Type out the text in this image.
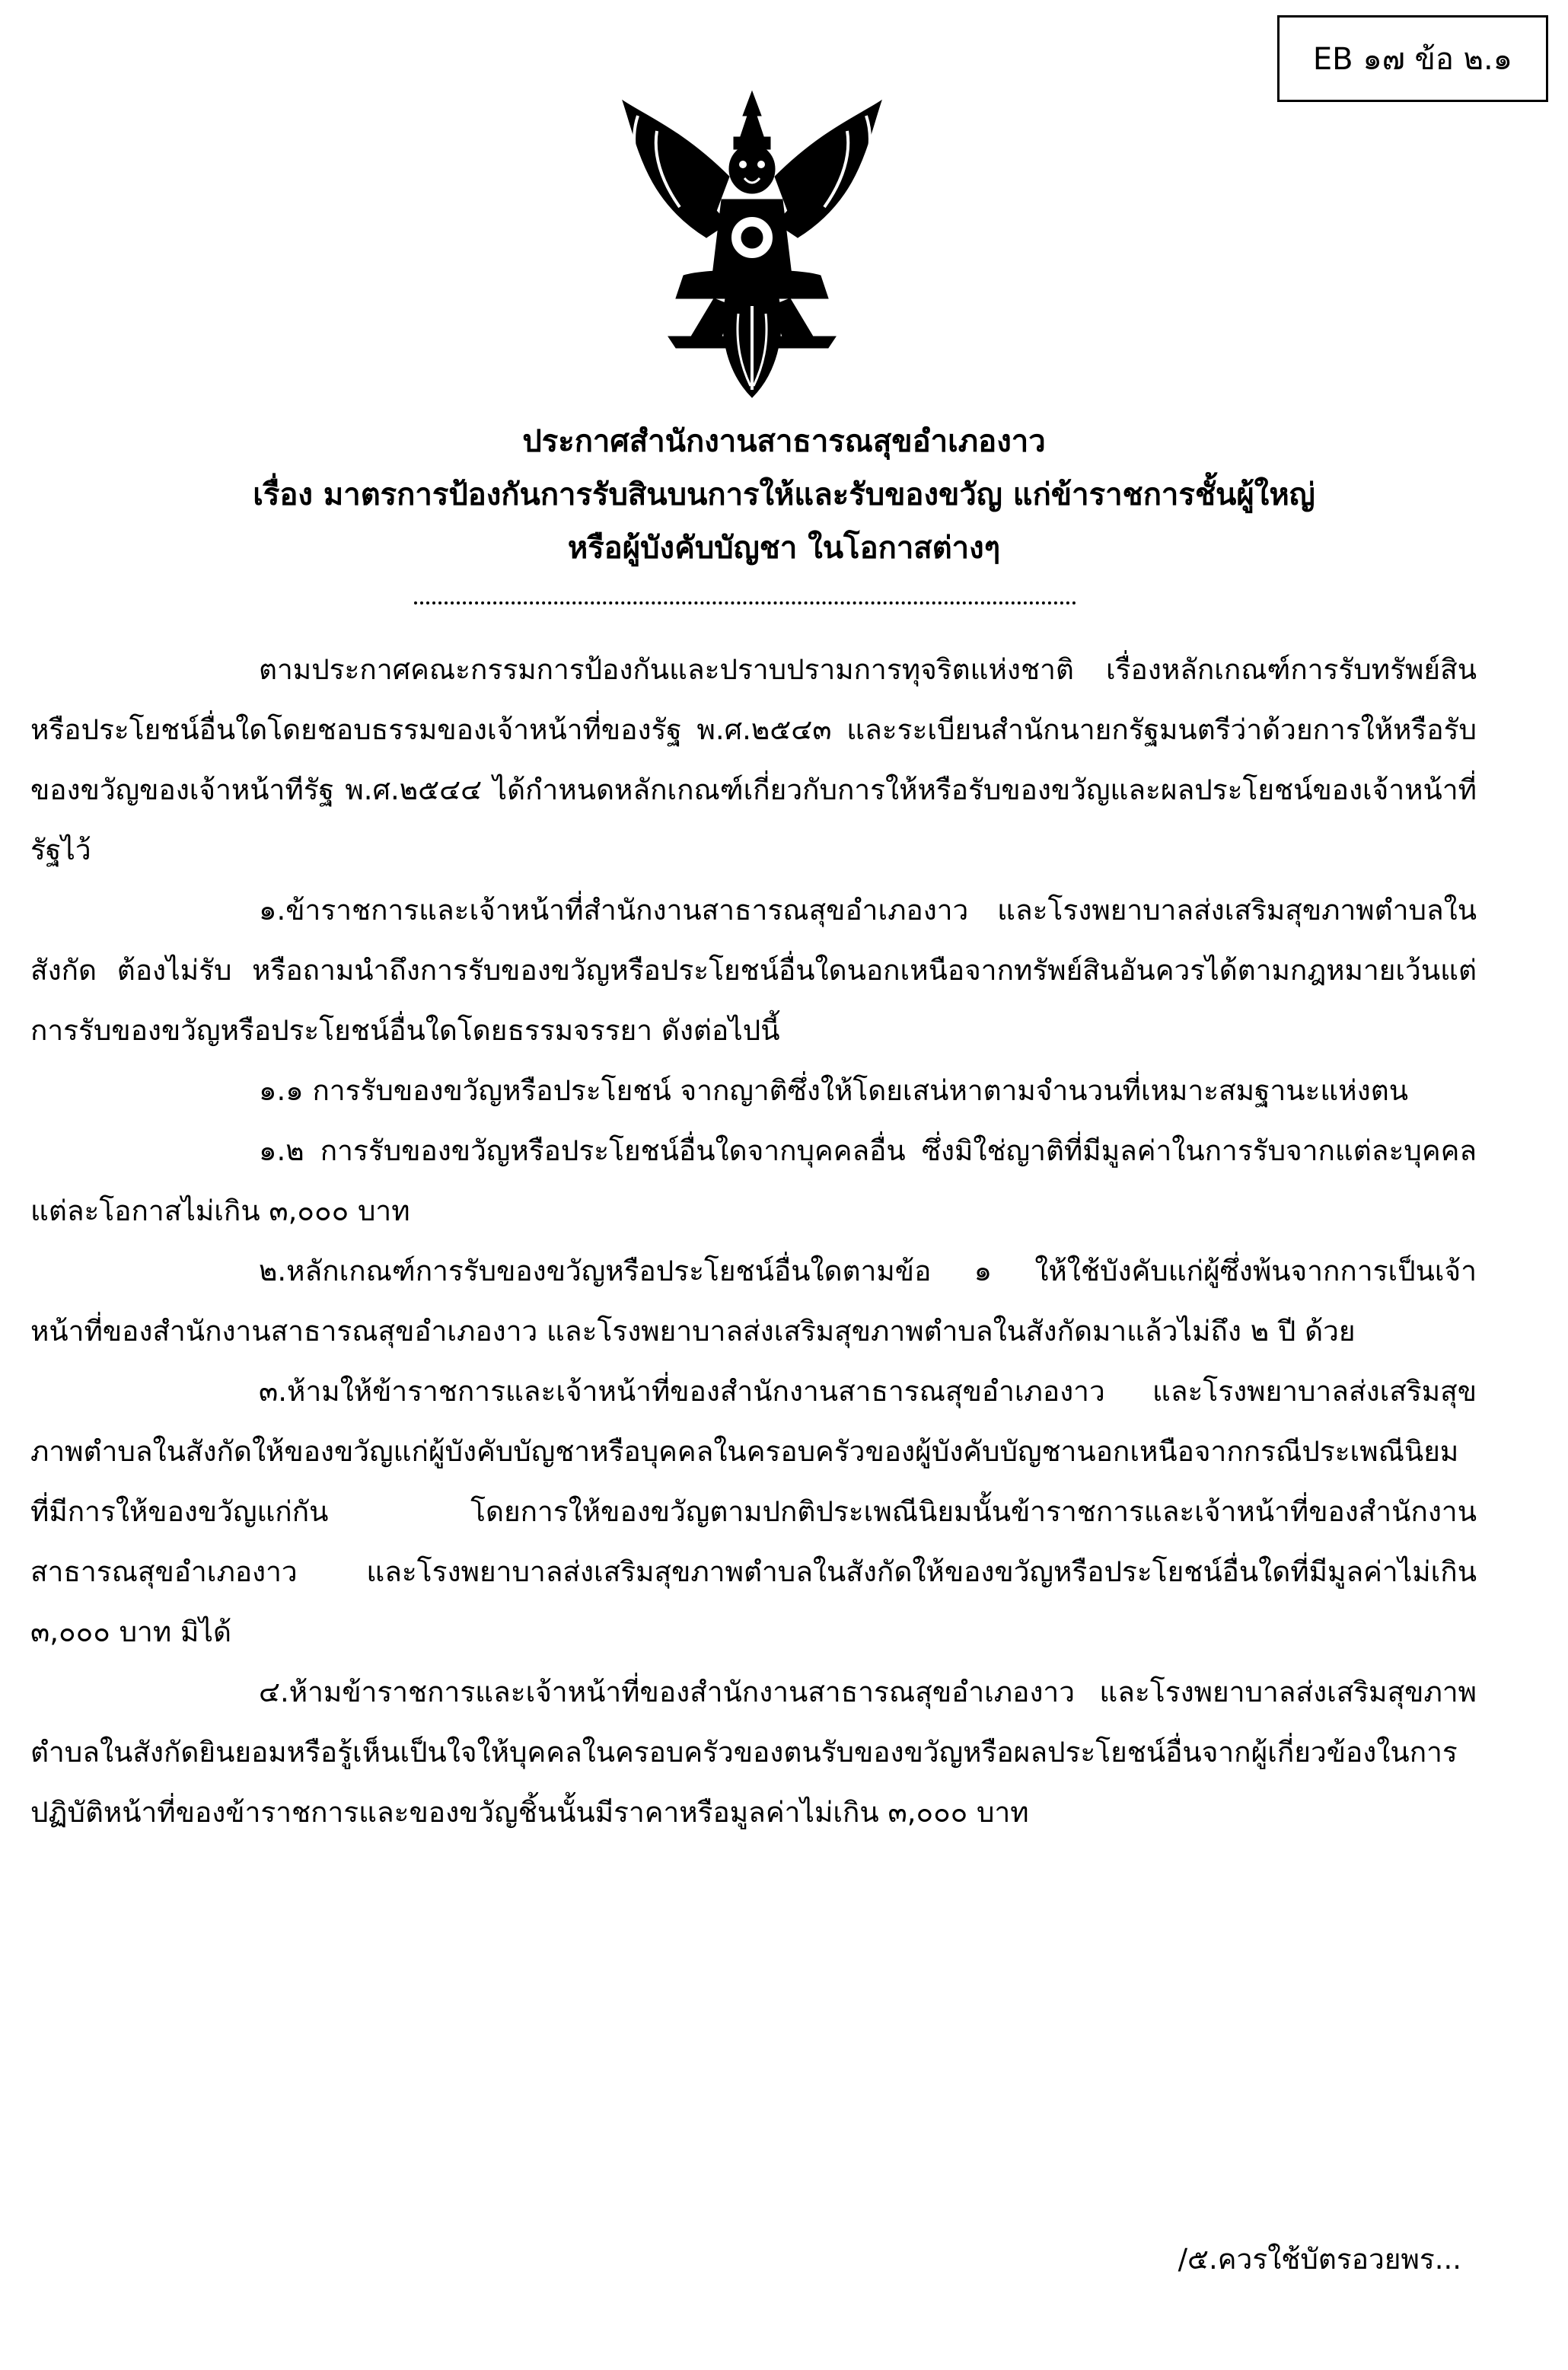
EB ๑๗ ข้อ ๒.๑
ประกาศสำนักงานสาธารณสุขอำเภองาว
เรื่อง มาตรการป้องกันการรับสินบนการให้และรับของขวัญ แก่ข้าราชการชั้นผู้ใหญ่
หรือผู้บังคับบัญชา ในโอกาสต่างๆ

ตามประกาศคณะกรรมการป้องกันและปราบปรามการทุจริตแห่งชาติ เรื่องหลักเกณฑ์การรับทรัพย์สินหรือประโยชน์อื่นใดโดยชอบธรรมของเจ้าหน้าที่ของรัฐ พ.ศ.๒๕๔๓ และระเบียนสำนักนายกรัฐมนตรีว่าด้วยการให้หรือรับของขวัญของเจ้าหน้าทีรัฐ พ.ศ.๒๕๔๔ ได้กำหนดหลักเกณฑ์เกี่ยวกับการให้หรือรับของขวัญและผลประโยชน์ของเจ้าหน้าที่รัฐไว้

๑.ข้าราชการและเจ้าหน้าที่สำนักงานสาธารณสุขอำเภองาว และโรงพยาบาลส่งเสริมสุขภาพตำบลในสังกัด ต้องไม่รับ หรือถามนำถึงการรับของขวัญหรือประโยชน์อื่นใดนอกเหนือจากทรัพย์สินอันควรได้ตามกฎหมายเว้นแต่การรับของขวัญหรือประโยชน์อื่นใดโดยธรรมจรรยา ดังต่อไปนี้

๑.๑ การรับของขวัญหรือประโยชน์ จากญาติซึ่งให้โดยเสน่หาตามจำนวนที่เหมาะสมฐานะแห่งตน

๑.๒ การรับของขวัญหรือประโยชน์อื่นใดจากบุคคลอื่น ซึ่งมิใช่ญาติที่มีมูลค่าในการรับจากแต่ละบุคคลแต่ละโอกาสไม่เกิน ๓,๐๐๐ บาท

๒.หลักเกณฑ์การรับของขวัญหรือประโยชน์อื่นใดตามข้อ ๑ ให้ใช้บังคับแก่ผู้ซึ่งพ้นจากการเป็นเจ้าหน้าที่ของสำนักงานสาธารณสุขอำเภองาว และโรงพยาบาลส่งเสริมสุขภาพตำบลในสังกัดมาแล้วไม่ถึง ๒ ปี ด้วย

๓.ห้ามให้ข้าราชการและเจ้าหน้าที่ของสำนักงานสาธารณสุขอำเภองาว และโรงพยาบาลส่งเสริมสุขภาพตำบลในสังกัดให้ของขวัญแก่ผู้บังคับบัญชาหรือบุคคลในครอบครัวของผู้บังคับบัญชานอกเหนือจากกรณีประเพณีนิยมที่มีการให้ของขวัญแก่กัน โดยการให้ของขวัญตามปกติประเพณีนิยมนั้นข้าราชการและเจ้าหน้าที่ของสำนักงานสาธารณสุขอำเภองาว และโรงพยาบาลส่งเสริมสุขภาพตำบลในสังกัดให้ของขวัญหรือประโยชน์อื่นใดที่มีมูลค่าไม่เกิน ๓,๐๐๐ บาท มิได้

๔.ห้ามข้าราชการและเจ้าหน้าที่ของสำนักงานสาธารณสุขอำเภองาว และโรงพยาบาลส่งเสริมสุขภาพตำบลในสังกัดยินยอมหรือรู้เห็นเป็นใจให้บุคคลในครอบครัวของตนรับของขวัญหรือผลประโยชน์อื่นจากผู้เกี่ยวข้องในการปฏิบัติหน้าที่ของข้าราชการและของขวัญชิ้นนั้นมีราคาหรือมูลค่าไม่เกิน ๓,๐๐๐ บาท

/๕.ควรใช้บัตรอวยพร...
